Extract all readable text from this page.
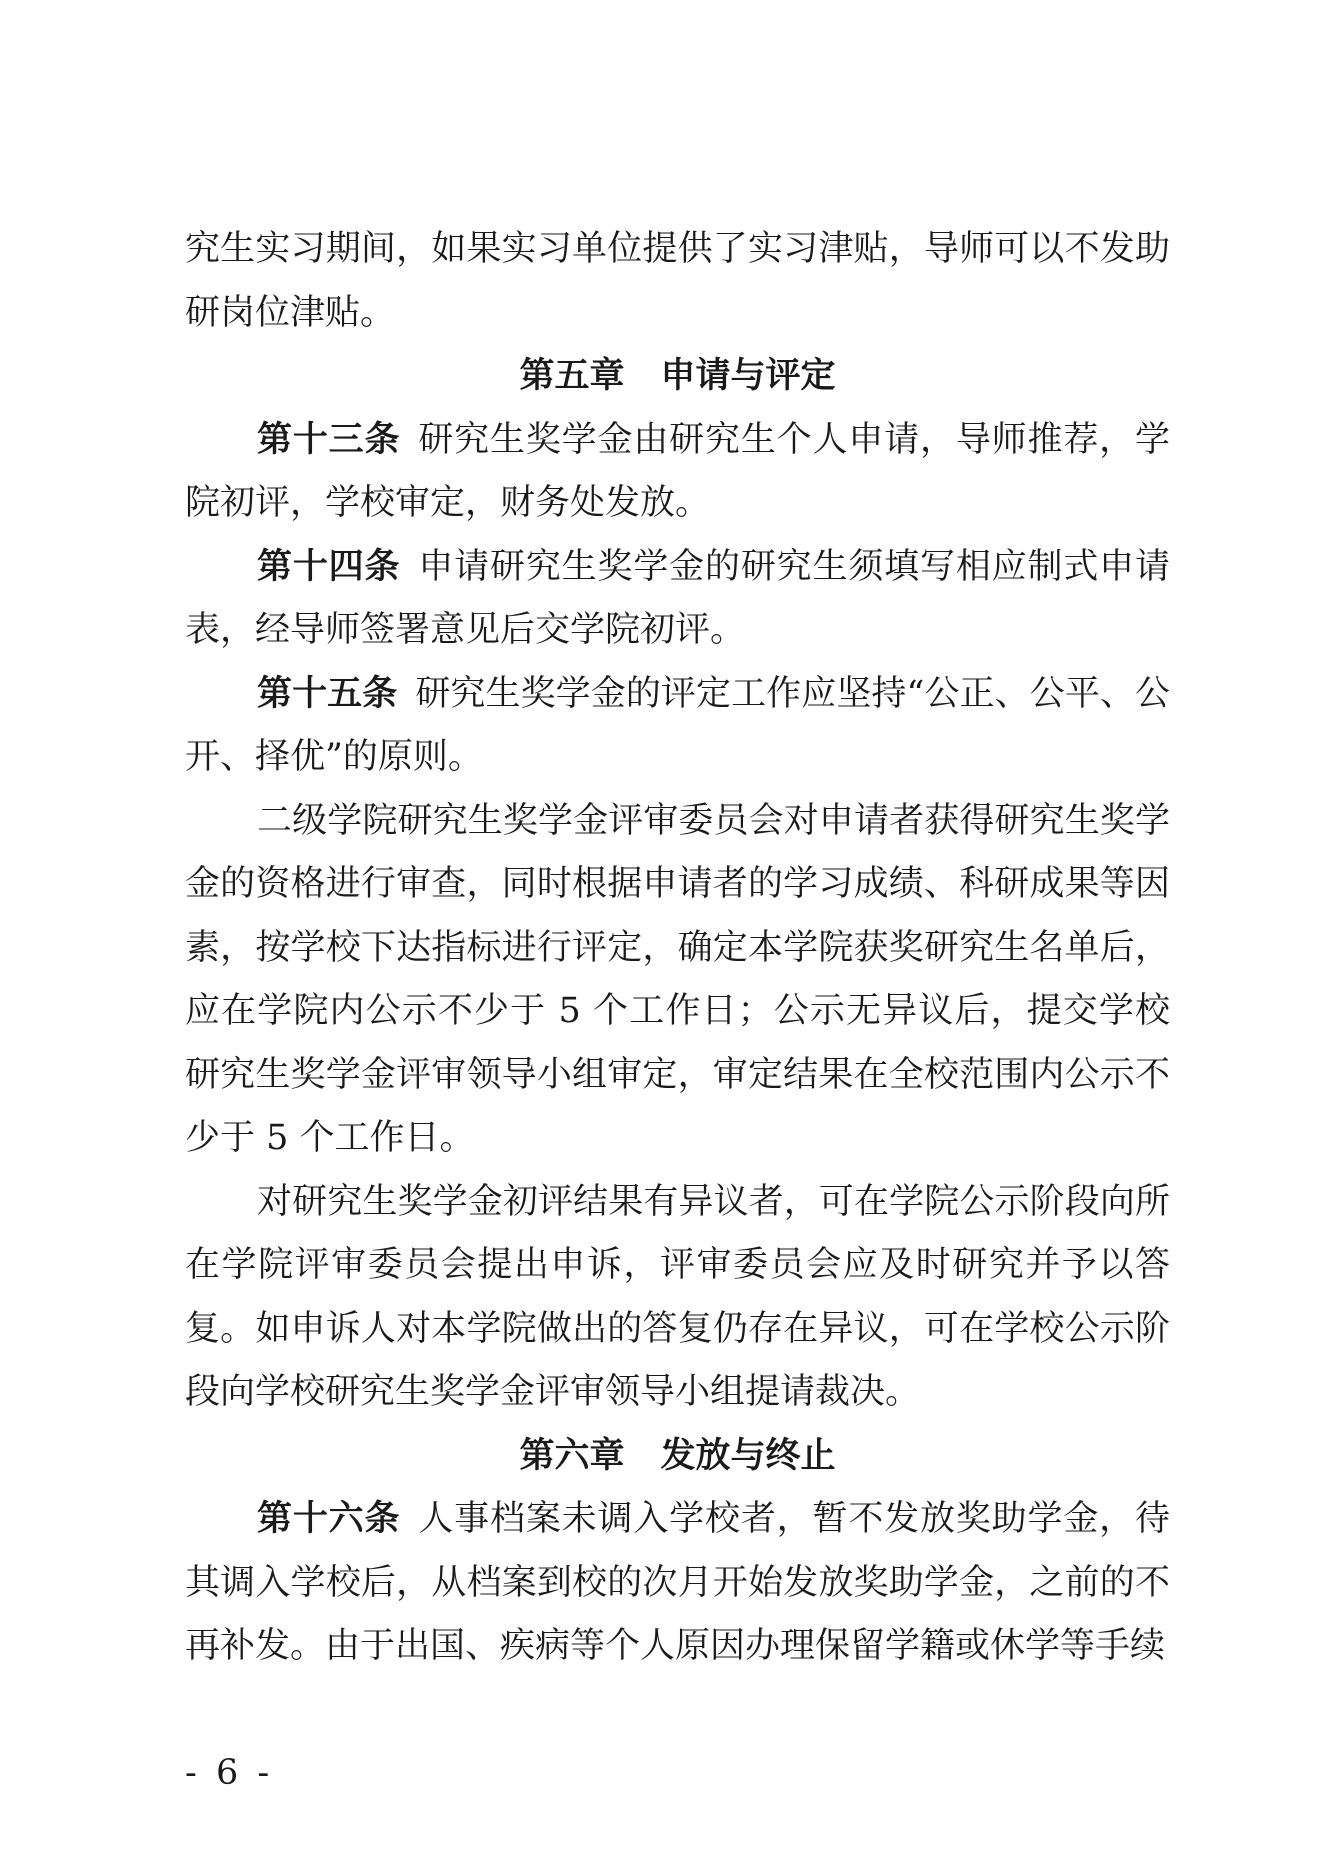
究生实习期间，如果实习单位提供了实习津贴，导师可以不发助研岗位津贴。

第五章 申请与评定

第十三条 研究生奖学金由研究生个人申请，导师推荐，学院初评，学校审定，财务处发放。

第十四条 申请研究生奖学金的研究生须填写相应制式申请表，经导师签署意见后交学院初评。

第十五条 研究生奖学金的评定工作应坚持“公正、公平、公开、择优”的原则。

二级学院研究生奖学金评审委员会对申请者获得研究生奖学金的资格进行审查，同时根据申请者的学习成绩、科研成果等因素，按学校下达指标进行评定，确定本学院获奖研究生名单后，应在学院内公示不少于 5 个工作日；公示无异议后，提交学校研究生奖学金评审领导小组审定，审定结果在全校范围内公示不少于 5 个工作日。

对研究生奖学金初评结果有异议者，可在学院公示阶段向所在学院评审委员会提出申诉，评审委员会应及时研究并予以答复。如申诉人对本学院做出的答复仍存在异议，可在学校公示阶段向学校研究生奖学金评审领导小组提请裁决。

第六章 发放与终止

第十六条 人事档案未调入学校者，暂不发放奖助学金，待其调入学校后，从档案到校的次月开始发放奖助学金，之前的不再补发。由于出国、疾病等个人原因办理保留学籍或休学等手续

- 6 -
